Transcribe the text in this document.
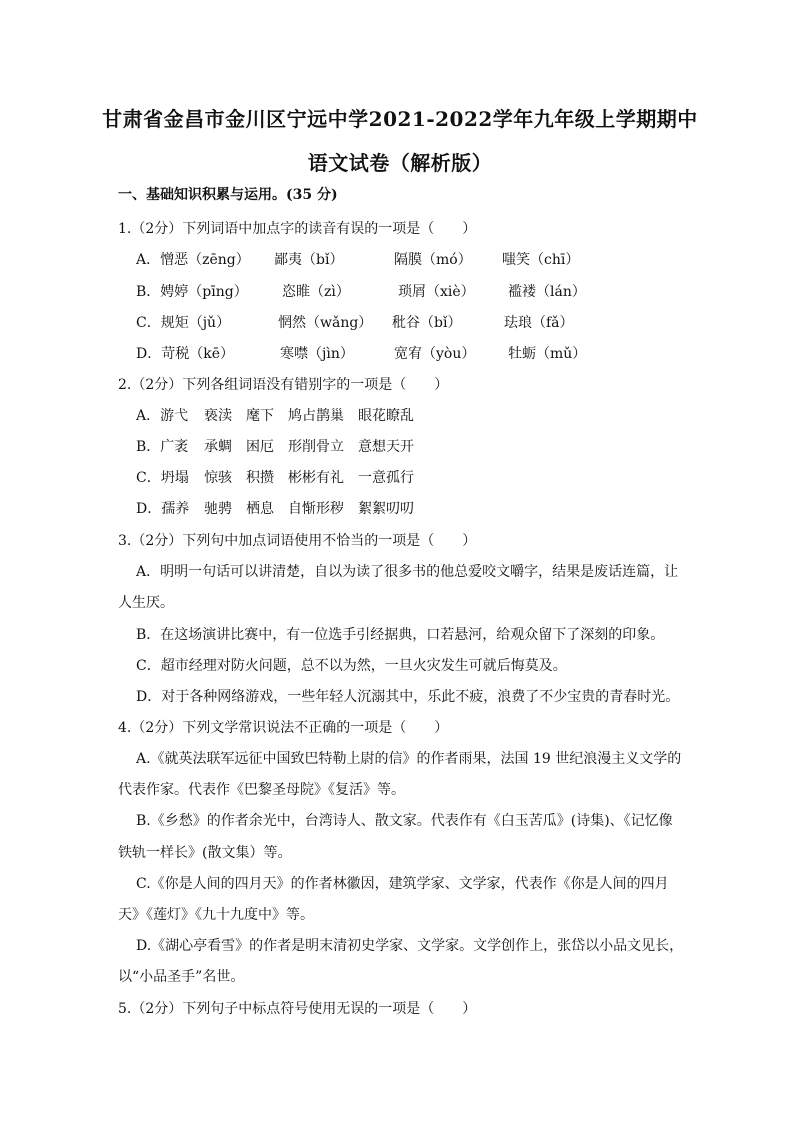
甘肃省金昌市金川区宁远中学2021-2022学年九年级上学期期中
语文试卷（解析版）
一、基础知识积累与运用。(35 分)
1.（2分）下列词语中加点字的读音有误的一项是（　　）
A．憎恶（zēng） 鄙夷（bǐ）	隔膜（mó） 嗤笑（chī）
B．娉婷（pīng） 恣睢（zì）	琐屑（xiè） 褴褛（lán）
C．规矩（jǔ）	惘然（wǎng） 秕谷（bǐ）	珐琅（fǎ）
D．苛税（kē）	寒噤（jìn）	宽宥（yòu） 牡蛎（mǔ）
2.（2分）下列各组词语没有错别字的一项是（　　）
A．游弋 亵渎 麾下 鸠占鹊巢 眼花瞭乱
B．广袤 承蜩 困厄 形削骨立 意想天开
C．坍塌 惊骇 积攒 彬彬有礼 一意孤行
D．孺养 驰骋 栖息 自惭形秽 絮絮叨叨
3.（2分）下列句中加点词语使用不恰当的一项是（　　）
A．明明一句话可以讲清楚，自以为读了很多书的他总爱咬文嚼字，结果是废话连篇，让
人生厌。
B．在这场演讲比赛中，有一位选手引经据典，口若悬河，给观众留下了深刻的印象。
C．超市经理对防火问题，总不以为然，一旦火灾发生可就后悔莫及。
D．对于各种网络游戏，一些年轻人沉溺其中，乐此不疲，浪费了不少宝贵的青春时光。
4.（2分）下列文学常识说法不正确的一项是（　　）
A.《就英法联军远征中国致巴特勒上尉的信》的作者雨果，法国 19 世纪浪漫主义文学的
代表作家。代表作《巴黎圣母院》《复活》等。
B.《乡愁》的作者余光中，台湾诗人、散文家。代表作有《白玉苦瓜》(诗集)、《记忆像
铁轨一样长》(散文集）等。
C.《你是人间的四月天》的作者林徽因，建筑学家、文学家，代表作《你是人间的四月
天》《莲灯》《九十九度中》等。
D.《湖心亭看雪》的作者是明末清初史学家、文学家。文学创作上，张岱以小品文见长，
以“小品圣手”名世。
5.（2分）下列句子中标点符号使用无误的一项是（　　）
